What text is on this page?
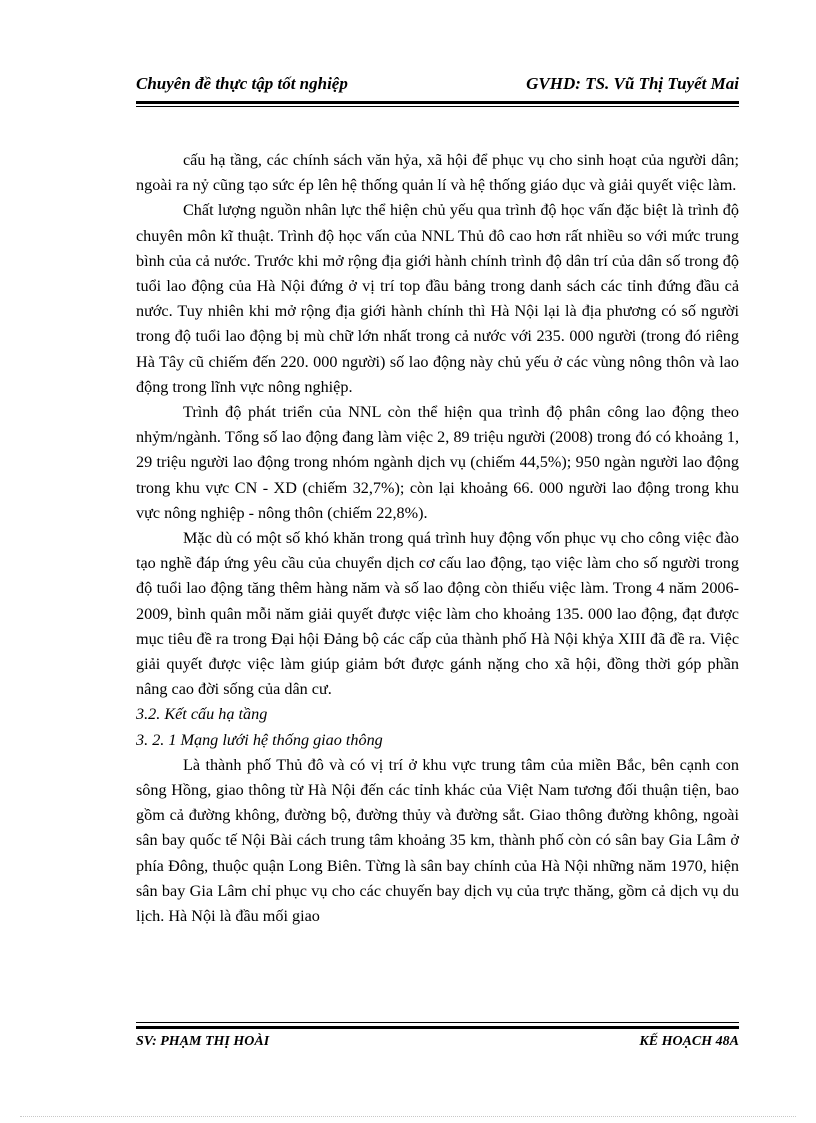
Chuyên đề thực tập tốt nghiệp	GVHD: TS. Vũ Thị Tuyết Mai

cấu hạ tầng, các chính sách văn hỷa, xã hội để phục vụ cho sinh hoạt của người dân; ngoài ra nỷ cũng tạo sức ép lên hệ thống quản lí và hệ thống giáo dục và giải quyết việc làm.

Chất lượng nguồn nhân lực thể hiện chủ yếu qua trình độ học vấn đặc biệt là trình độ chuyên môn kĩ thuật. Trình độ học vấn của NNL Thủ đô cao hơn rất nhiều so với mức trung bình của cả nước. Trước khi mở rộng địa giới hành chính trình độ dân trí của dân số trong độ tuổi lao động của Hà Nội đứng ở vị trí top đầu bảng trong danh sách các tỉnh đứng đầu cả nước. Tuy nhiên khi mở rộng địa giới hành chính thì Hà Nội lại là địa phương có số người trong độ tuổi lao động bị mù chữ lớn nhất trong cả nước với 235. 000 người (trong đó riêng Hà Tây cũ chiếm đến 220. 000 người) số lao động này chủ yếu ở các vùng nông thôn và lao động trong lĩnh vực nông nghiệp.

Trình độ phát triển của NNL còn thể hiện qua trình độ phân công lao động theo nhỷm/ngành. Tổng số lao động đang làm việc 2, 89 triệu người (2008) trong đó có khoảng 1, 29 triệu người lao động trong nhóm ngành dịch vụ (chiếm 44,5%); 950 ngàn người lao động trong khu vực CN - XD (chiếm 32,7%); còn lại khoảng 66. 000 người lao động trong khu vực nông nghiệp - nông thôn (chiếm 22,8%).

Mặc dù có một số khó khăn trong quá trình huy động vốn phục vụ cho công việc đào tạo nghề đáp ứng yêu cầu của chuyển dịch cơ cấu lao động, tạo việc làm cho số người trong độ tuổi lao động tăng thêm hàng năm và số lao động còn thiếu việc làm. Trong 4 năm 2006-2009, bình quân mỗi năm giải quyết được việc làm cho khoảng 135. 000 lao động, đạt được mục tiêu đề ra trong Đại hội Đảng bộ các cấp của thành phố Hà Nội khỷa XIII đã đề ra. Việc giải quyết được việc làm giúp giảm bớt được gánh nặng cho xã hội, đồng thời góp phần nâng cao đời sống của dân cư.

3.2. Kết cấu hạ tầng

3. 2. 1 Mạng lưới hệ thống giao thông

Là thành phố Thủ đô và có vị trí ở khu vực trung tâm của miền Bắc, bên cạnh con sông Hồng, giao thông từ Hà Nội đến các tỉnh khác của Việt Nam tương đối thuận tiện, bao gồm cả đường không, đường bộ, đường thủy và đường sắt. Giao thông đường không, ngoài sân bay quốc tế Nội Bài cách trung tâm khoảng 35 km, thành phố còn có sân bay Gia Lâm ở phía Đông, thuộc quận Long Biên. Từng là sân bay chính của Hà Nội những năm 1970, hiện sân bay Gia Lâm chỉ phục vụ cho các chuyến bay dịch vụ của trực thăng, gồm cả dịch vụ du lịch. Hà Nội là đầu mối giao

SV: PHẠM THỊ HOÀI	KẾ HOẠCH 48A
